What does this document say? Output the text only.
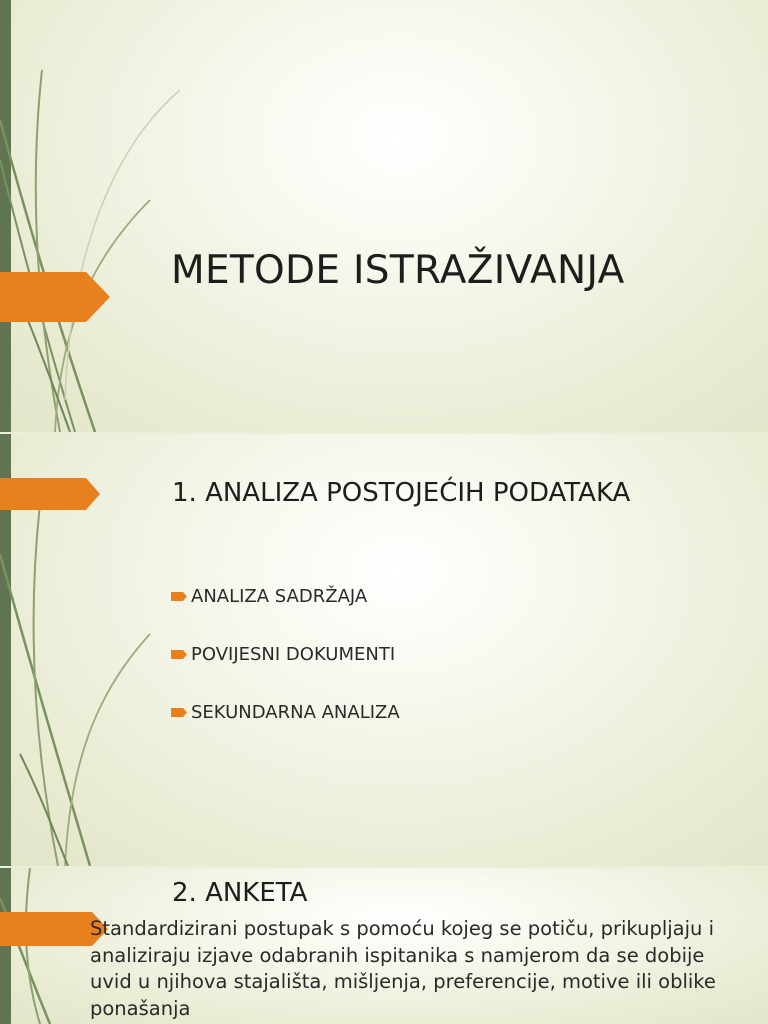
METODE ISTRAŽIVANJA
1. ANALIZA POSTOJEĆIH PODATAKA
ANALIZA SADRŽAJA
POVIJESNI DOKUMENTI
SEKUNDARNA ANALIZA
2. ANKETA

Standardizirani postupak s pomoću kojeg se potiču, prikupljaju i analiziraju izjave odabranih ispitanika s namjerom da se dobije uvid u njihova stajališta, mišljenja, preferencije, motive ili oblike ponašanja
